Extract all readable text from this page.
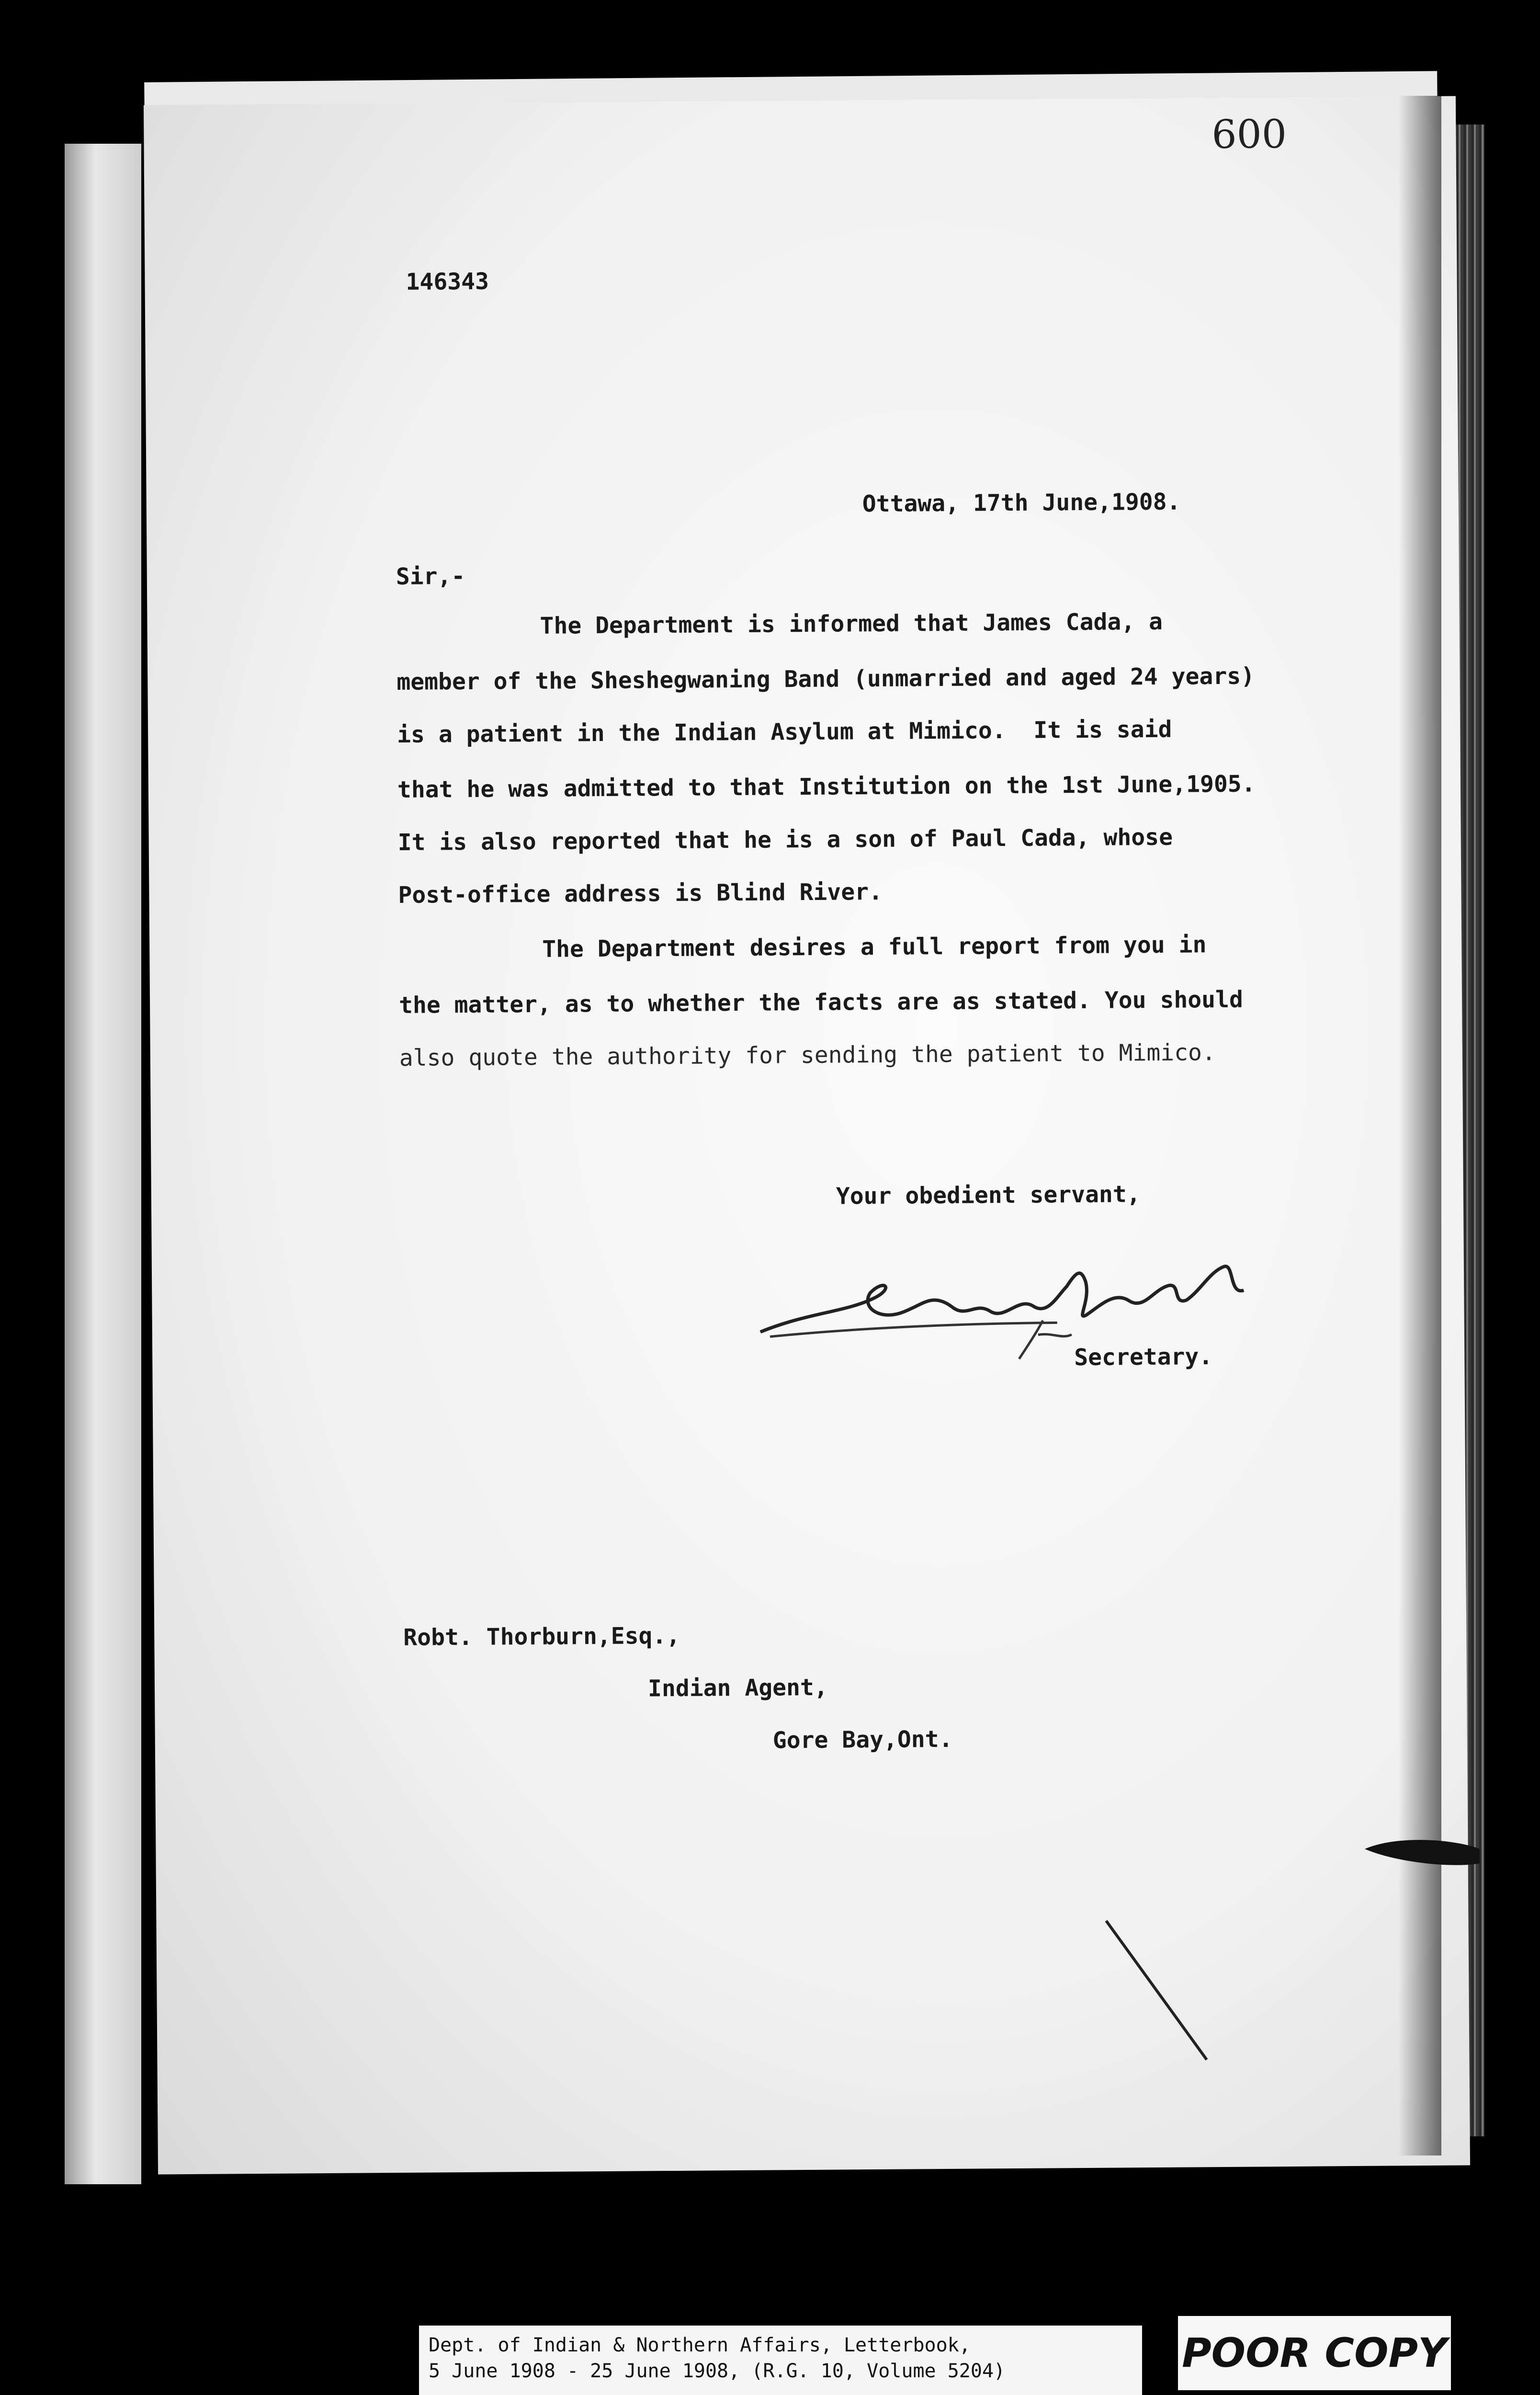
600
146343
Ottawa, 17th June,1908.
Sir,-
The Department is informed that James Cada, a
member of the Sheshegwaning Band (unmarried and aged 24 years)
is a patient in the Indian Asylum at Mimico.  It is said
that he was admitted to that Institution on the 1st June,1905.
It is also reported that he is a son of Paul Cada, whose
Post-office address is Blind River.
The Department desires a full report from you in
the matter, as to whether the facts are as stated. You should
also quote the authority for sending the patient to Mimico.
Your obedient servant,
Secretary.
Robt. Thorburn,Esq.,
Indian Agent,
Gore Bay,Ont.
Dept. of Indian & Northern Affairs, Letterbook,
5 June 1908 - 25 June 1908, (R.G. 10, Volume 5204)	POOR COPY
